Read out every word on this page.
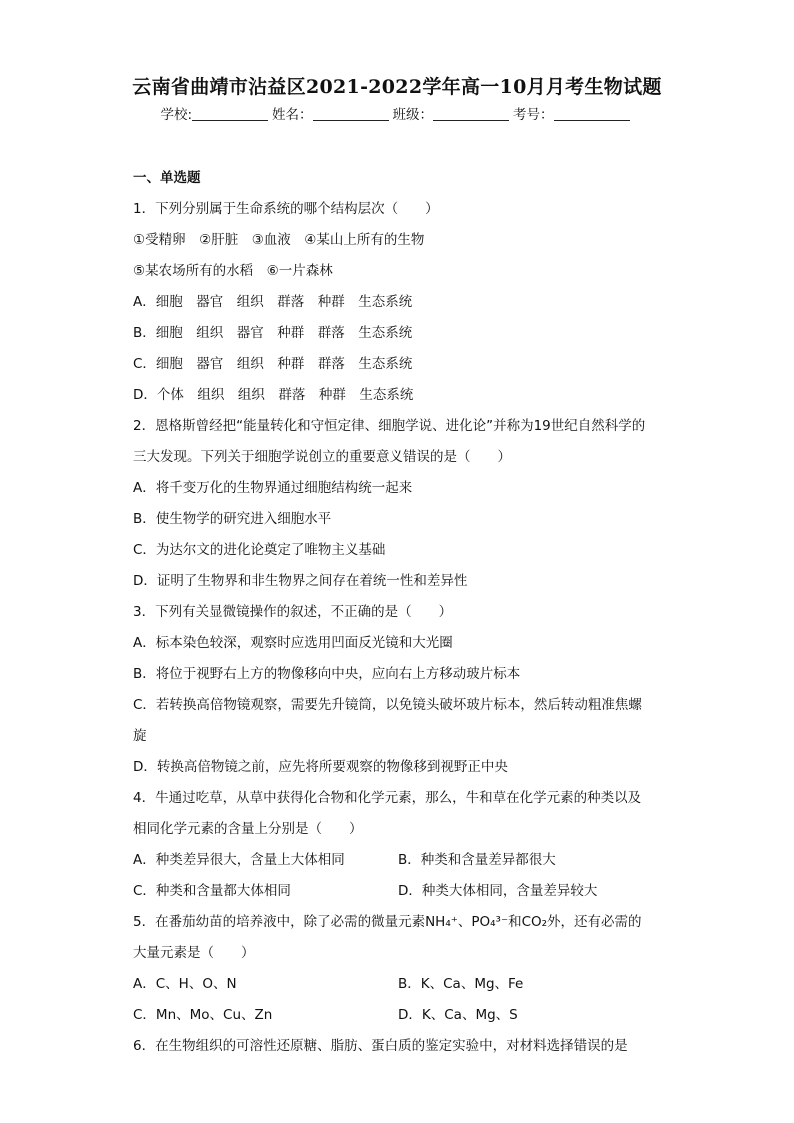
云南省曲靖市沾益区2021-2022学年高一10月月考生物试题
学校:	姓名：	班级：	考号：
一、单选题
1．下列分别属于生命系统的哪个结构层次（　　）
①受精卵　②肝脏　③血液　④某山上所有的生物
⑤某农场所有的水稻　⑥一片森林
A．细胞　器官　组织　群落　种群　生态系统
B．细胞　组织　器官　种群　群落　生态系统
C．细胞　器官　组织　种群　群落　生态系统
D．个体　组织　组织　群落　种群　生态系统
2．恩格斯曾经把“能量转化和守恒定律、细胞学说、进化论”并称为19世纪自然科学的
三大发现。下列关于细胞学说创立的重要意义错误的是（　　）
A．将千变万化的生物界通过细胞结构统一起来
B．使生物学的研究进入细胞水平
C．为达尔文的进化论奠定了唯物主义基础
D．证明了生物界和非生物界之间存在着统一性和差异性
3．下列有关显微镜操作的叙述，不正确的是（　　）
A．标本染色较深，观察时应选用凹面反光镜和大光圈
B．将位于视野右上方的物像移向中央，应向右上方移动玻片标本
C．若转换高倍物镜观察，需要先升镜筒，以免镜头破坏玻片标本，然后转动粗准焦螺
旋
D．转换高倍物镜之前，应先将所要观察的物像移到视野正中央
4．牛通过吃草，从草中获得化合物和化学元素，那么，牛和草在化学元素的种类以及
相同化学元素的含量上分别是（　　）
A．种类差异很大，含量上大体相同	B．种类和含量差异都很大
C．种类和含量都大体相同	D．种类大体相同，含量差异较大
5．在番茄幼苗的培养液中，除了必需的微量元素NH₄⁺、PO₄³⁻和CO₂外，还有必需的
大量元素是（　　）
A．C、H、O、N	B．K、Ca、Mg、Fe
C．Mn、Mo、Cu、Zn	D．K、Ca、Mg、S
6．在生物组织的可溶性还原糖、脂肪、蛋白质的鉴定实验中，对材料选择错误的是
